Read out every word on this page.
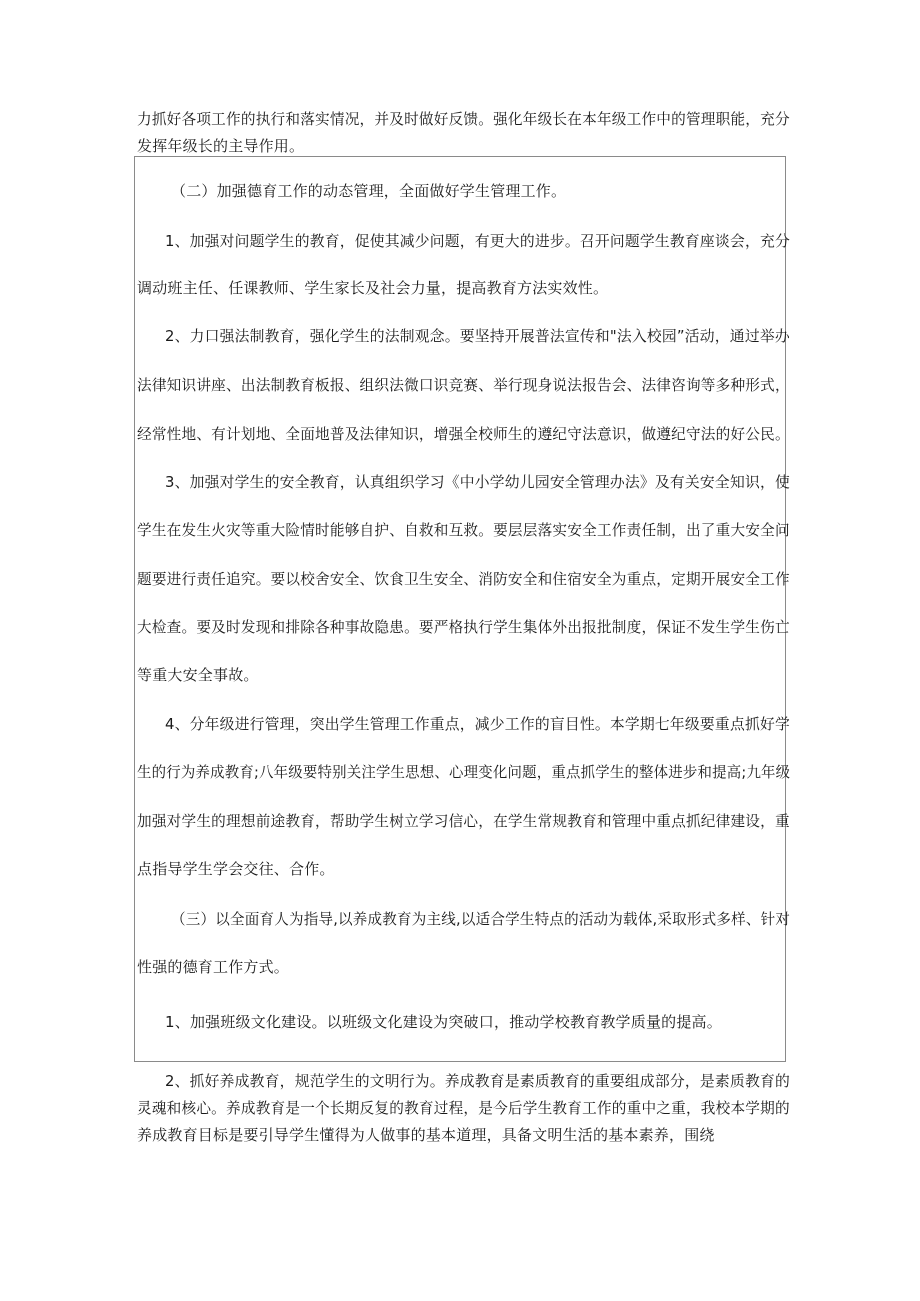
力抓好各项工作的执行和落实情况，并及时做好反馈。强化年级长在本年级工作中的管理职能，充分

发挥年级长的主导作用。

（二）加强德育工作的动态管理，全面做好学生管理工作。

1、加强对问题学生的教育，促使其减少问题，有更大的进步。召开问题学生教育座谈会，充分

调动班主任、任课教师、学生家长及社会力量，提高教育方法实效性。

2、力口强法制教育，强化学生的法制观念。要坚持开展普法宣传和"法入校园”活动，通过举办

法律知识讲座、出法制教育板报、组织法微口识竞赛、举行现身说法报告会、法律咨询等多种形式，

经常性地、有计划地、全面地普及法律知识，增强全校师生的遵纪守法意识，做遵纪守法的好公民。

3、加强对学生的安全教育，认真组织学习《中小学幼儿园安全管理办法》及有关安全知识，使

学生在发生火灾等重大险情时能够自护、自救和互救。要层层落实安全工作责任制，出了重大安全问

题要进行责任追究。要以校舍安全、饮食卫生安全、消防安全和住宿安全为重点，定期开展安全工作

大检查。要及时发现和排除各种事故隐患。要严格执行学生集体外出报批制度，保证不发生学生伤亡

等重大安全事故。

4、分年级进行管理，突出学生管理工作重点，减少工作的盲目性。本学期七年级要重点抓好学

生的行为养成教育;八年级要特别关注学生思想、心理变化问题，重点抓学生的整体进步和提高;九年级

加强对学生的理想前途教育，帮助学生树立学习信心，在学生常规教育和管理中重点抓纪律建设，重

点指导学生学会交往、合作。

（三）以全面育人为指导,以养成教育为主线,以适合学生特点的活动为载体,采取形式多样、针对

性强的德育工作方式。

1、加强班级文化建设。以班级文化建设为突破口，推动学校教育教学质量的提高。

2、抓好养成教育，规范学生的文明行为。养成教育是素质教育的重要组成部分，是素质教育的

灵魂和核心。养成教育是一个长期反复的教育过程，是今后学生教育工作的重中之重，我校本学期的

养成教育目标是要引导学生懂得为人做事的基本道理，具备文明生活的基本素养，围绕
